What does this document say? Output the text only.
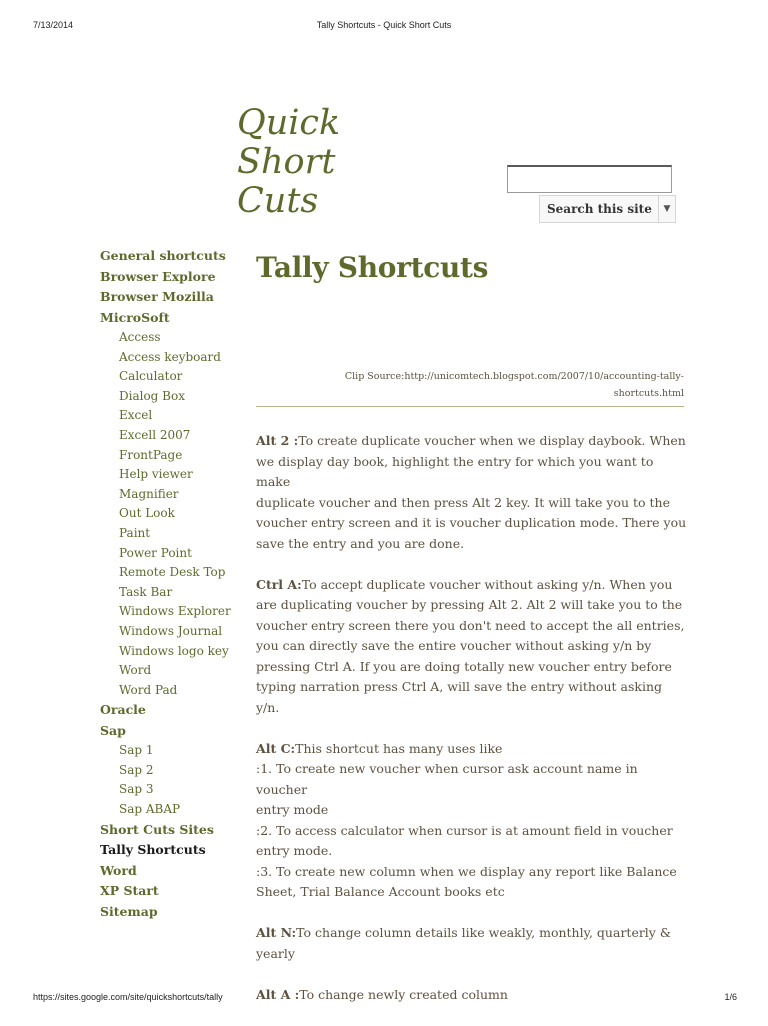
7/13/2014	Tally Shortcuts - Quick Short Cuts
Quick
Short
Cuts	Search this site	▼
General shortcuts
Browser Explore
Browser Mozilla
MicroSoft
Access
Access keyboard
Calculator
Dialog Box
Excel
Excell 2007
FrontPage
Help viewer
Magnifier
Out Look
Paint
Power Point
Remote Desk Top
Task Bar
Windows Explorer
Windows Journal
Windows logo key
Word
Word Pad
Oracle
Sap
Sap 1
Sap 2
Sap 3
Sap ABAP
Short Cuts Sites
Tally Shortcuts
Word
XP Start
Sitemap
Tally Shortcuts
Clip Source:http://unicomtech.blogspot.com/2007/10/accounting-tally-
shortcuts.html
Alt 2 :To create duplicate voucher when we display daybook. When
we display day book, highlight the entry for which you want to make
duplicate voucher and then press Alt 2 key. It will take you to the
voucher entry screen and it is voucher duplication mode. There you
save the entry and you are done.
Ctrl A:To accept duplicate voucher without asking y/n. When you
are duplicating voucher by pressing Alt 2. Alt 2 will take you to the
voucher entry screen there you don't need to accept the all entries,
you can directly save the entire voucher without asking y/n by
pressing Ctrl A. If you are doing totally new voucher entry before
typing narration press Ctrl A, will save the entry without asking y/n.
Alt C:This shortcut has many uses like
:1. To create new voucher when cursor ask account name in voucher
entry mode
:2. To access calculator when cursor is at amount field in voucher
entry mode.
:3. To create new column when we display any report like Balance
Sheet, Trial Balance Account books etc
Alt N:To change column details like weakly, monthly, quarterly &
yearly
Alt A :To change newly created column
https://sites.google.com/site/quickshortcuts/tally	1/6
